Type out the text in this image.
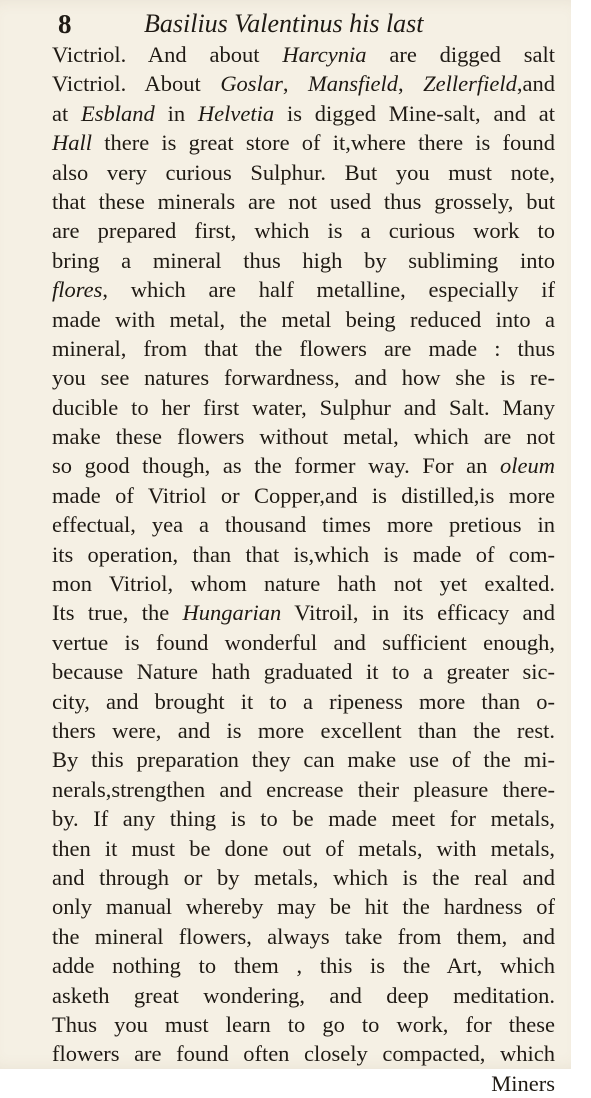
8	Basilius Valentinus his last
Victriol. And about Harcynia are digged salt
Victriol. About Goslar, Mansfield, Zellerfield,and
at Esbland in Helvetia is digged Mine-salt, and at
Hall there is great store of it,where there is found
also very curious Sulphur. But you must note,
that these minerals are not used thus grossely, but
are prepared first, which is a curious work to
bring a mineral thus high by subliming into
flores, which are half metalline, especially if
made with metal, the metal being reduced into a
mineral, from that the flowers are made : thus
you see natures forwardness, and how she is re-
ducible to her first water, Sulphur and Salt. Many
make these flowers without metal, which are not
so good though, as the former way. For an oleum
made of Vitriol or Copper,and is distilled,is more
effectual, yea a thousand times more pretious in
its operation, than that is,which is made of com-
mon Vitriol, whom nature hath not yet exalted.
Its true, the Hungarian Vitroil, in its efficacy and
vertue is found wonderful and sufficient enough,
because Nature hath graduated it to a greater sic-
city, and brought it to a ripeness more than o-
thers were, and is more excellent than the rest.
By this preparation they can make use of the mi-
nerals,strengthen and encrease their pleasure there-
by. If any thing is to be made meet for metals,
then it must be done out of metals, with metals,
and through or by metals, which is the real and
only manual whereby may be hit the hardness of
the mineral flowers, always take from them, and
adde nothing to them , this is the Art, which
asketh great wondering, and deep meditation.
Thus you must learn to go to work, for these
flowers are found often closely compacted, which
Miners
